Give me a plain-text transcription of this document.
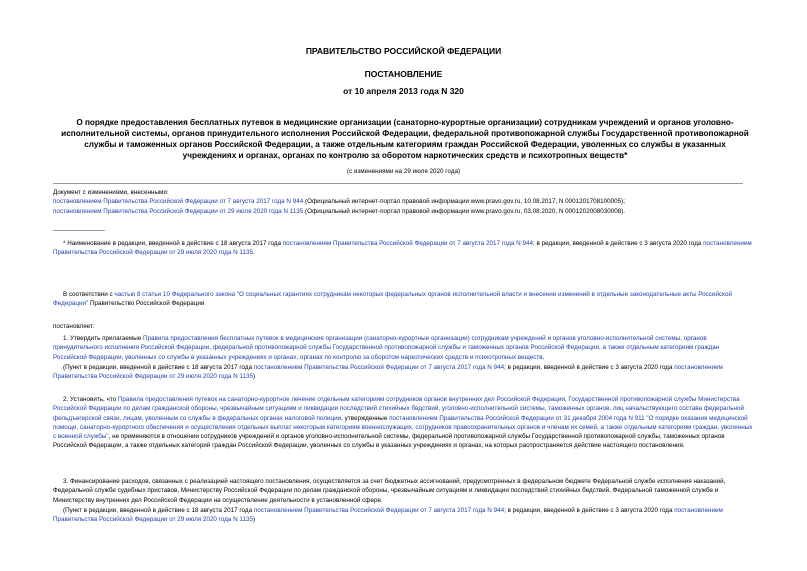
ПРАВИТЕЛЬСТВО РОССИЙСКОЙ ФЕДЕРАЦИИ
ПОСТАНОВЛЕНИЕ
от 10 апреля 2013 года N 320
О порядке предоставления бесплатных путевок в медицинские организации (санаторно-курортные организации) сотрудникам учреждений и органов уголовно-исполнительной системы, органов принудительного исполнения Российской Федерации, федеральной противопожарной службы Государственной противопожарной службы и таможенных органов Российской Федерации, а также отдельным категориям граждан Российской Федерации, уволенных со службы в указанных учреждениях и органах, органах по контролю за оборотом наркотических средств и психотропных веществ*
(с изменениями на 29 июля 2020 года)
Документ с изменениями, внесенными:
постановлением Правительства Российской Федерации от 7 августа 2017 года N 944 (Официальный интернет-портал правовой информации www.pravo.gov.ru, 10.08.2017, N 0001201708100005);
постановлением Правительства Российской Федерации от 29 июля 2020 года N 1135 (Официальный интернет-портал правовой информации www.pravo.gov.ru, 03.08.2020, N 0001202008030008).

* Наименование в редакции, введенной в действие с 18 августа 2017 года постановлением Правительства Российской Федерации от 7 августа 2017 года N 944; в редакции, введенной в действие с 3 августа 2020 года постановлением Правительства Российской Федерации от 29 июля 2020 года N 1135.

В соответствии с частью 8 статьи 10 Федерального закона "О социальных гарантиях сотрудникам некоторых федеральных органов исполнительной власти и внесении изменений в отдельные законодательные акты Российской Федерации" Правительство Российской Федерации

постановляет:

1. Утвердить прилагаемые Правила предоставления бесплатных путевок в медицинские организации (санаторно-курортные организации) сотрудникам учреждений и органов уголовно-исполнительной системы, органов принудительного исполнения Российской Федерации, федеральной противопожарной службы Государственной противопожарной службы и таможенных органов Российской Федерации, а также отдельным категориям граждан Российской Федерации, уволенных со службы в указанных учреждениях и органах, органах по контролю за оборотом наркотических средств и психотропных веществ.

(Пункт в редакции, введенной в действие с 18 августа 2017 года постановлением Правительства Российской Федерации от 7 августа 2017 года N 944; в редакции, введенной в действие с 3 августа 2020 года постановлением Правительства Российской Федерации от 29 июля 2020 года N 1135)

2. Установить, что Правила предоставления путевок на санаторно-курортное лечение отдельным категориям сотрудников органов внутренних дел Российской Федерации, Государственной противопожарной службы Министерства Российской Федерации по делам гражданской обороны, чрезвычайным ситуациям и ликвидации последствий стихийных бедствий, уголовно-исполнительной системы, таможенных органов, лиц начальствующего состава федеральной фельдъегерской связи, лицам, уволенным со службы в федеральных органах налоговой полиции, утвержденные постановлением Правительства Российской Федерации от 31 декабря 2004 года N 911 "О порядке оказания медицинской помощи, санаторно-курортного обеспечения и осуществления отдельных выплат некоторым категориям военнослужащих, сотрудников правоохранительных органов и членам их семей, а также отдельным категориям граждан, уволенных с военной службы", не применяются в отношении сотрудников учреждений и органов уголовно-исполнительной системы, федеральной противопожарной службы Государственной противопожарной службы, таможенных органов Российской Федерации, а также отдельных категорий граждан Российской Федерации, уволенных со службы в указанных учреждениях и органах, на которых распространяется действие настоящего постановления.

3. Финансирование расходов, связанных с реализацией настоящего постановления, осуществляется за счет бюджетных ассигнований, предусмотренных в федеральном бюджете Федеральной службе исполнения наказаний, Федеральной службе судебных приставов, Министерству Российской Федерации по делам гражданской обороны, чрезвычайным ситуациям и ликвидации последствий стихийных бедствий, Федеральной таможенной службе и Министерству внутренних дел Российской Федерации на осуществление деятельности в установленной сфере.

(Пункт в редакции, введенной в действие с 18 августа 2017 года постановлением Правительства Российской Федерации от 7 августа 2017 года N 944; в редакции, введенной в действие с 3 августа 2020 года постановлением Правительства Российской Федерации от 29 июля 2020 года N 1135)
